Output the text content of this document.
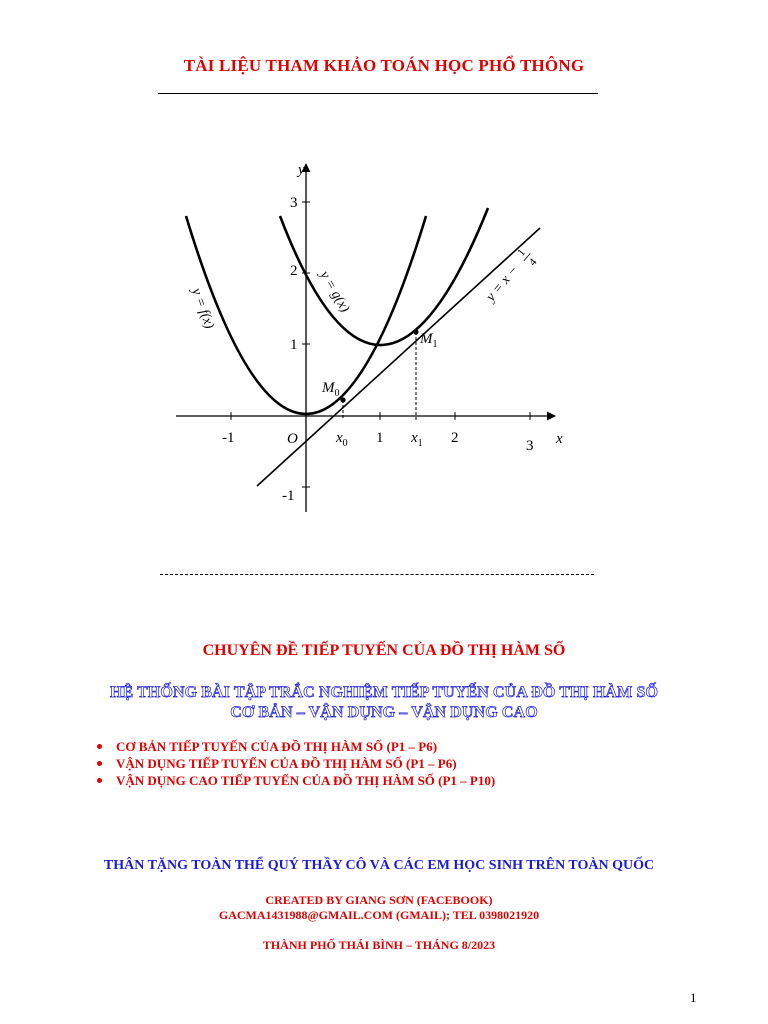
TÀI LIỆU THAM KHẢO TOÁN HỌC PHỔ THÔNG
y
x
O
-1	1	2	3
3
2
1
-1
$x_0$	$x_1$
$M_0$
$M_1$
y = f(x)	y = g(x)	y = x −
1
4
CHUYÊN ĐỀ TIẾP TUYẾN CỦA ĐỒ THỊ HÀM SỐ
HỆ THỐNG BÀI TẬP TRẮC NGHIỆM TIẾP TUYẾN CỦA ĐỒ THỊ HÀM SỐ
CƠ BẢN – VẬN DỤNG – VẬN DỤNG CAO
CƠ BẢN TIẾP TUYẾN CỦA ĐỒ THỊ HÀM SỐ (P1 – P6)
VẬN DỤNG TIẾP TUYẾN CỦA ĐỒ THỊ HÀM SỐ (P1 – P6)
VẬN DỤNG CAO TIẾP TUYẾN CỦA ĐỒ THỊ HÀM SỐ (P1 – P10)
THÂN TẶNG TOÀN THỂ QUÝ THẦY CÔ VÀ CÁC EM HỌC SINH TRÊN TOÀN QUỐC
CREATED BY GIANG SƠN (FACEBOOK)
GACMA1431988@GMAIL.COM (GMAIL); TEL 0398021920
THÀNH PHỐ THÁI BÌNH – THÁNG 8/2023
1
